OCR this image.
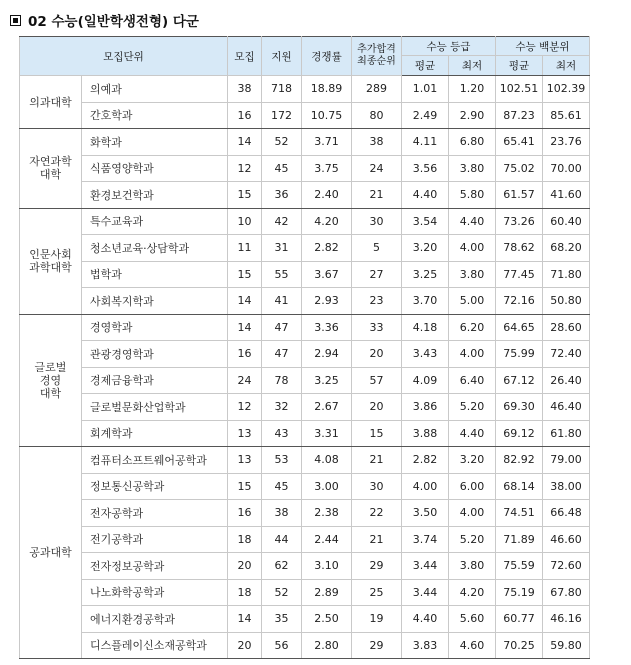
02 수능(일반학생전형) 다군
모집단위		모집	지원	경쟁률	추가합격
최종순위	수능 등급		수능 백분위	
						평균	최저	평균	최저
의과대학	의예과	38	718	18.89	289	1.01	1.20	102.51	102.39
	간호학과	16	172	10.75	80	2.49	2.90	87.23	85.61
자연과학
대학	화학과	14	52	3.71	38	4.11	6.80	65.41	23.76
	식품영양학과	12	45	3.75	24	3.56	3.80	75.02	70.00
	환경보건학과	15	36	2.40	21	4.40	5.80	61.57	41.60
인문사회
과학대학	특수교육과	10	42	4.20	30	3.54	4.40	73.26	60.40
	청소년교육·상담학과	11	31	2.82	5	3.20	4.00	78.62	68.20
	법학과	15	55	3.67	27	3.25	3.80	77.45	71.80
	사회복지학과	14	41	2.93	23	3.70	5.00	72.16	50.80
글로벌
경영
대학	경영학과	14	47	3.36	33	4.18	6.20	64.65	28.60
	관광경영학과	16	47	2.94	20	3.43	4.00	75.99	72.40
	경제금융학과	24	78	3.25	57	4.09	6.40	67.12	26.40
	글로벌문화산업학과	12	32	2.67	20	3.86	5.20	69.30	46.40
	회계학과	13	43	3.31	15	3.88	4.40	69.12	61.80
공과대학	컴퓨터소프트웨어공학과	13	53	4.08	21	2.82	3.20	82.92	79.00
	정보통신공학과	15	45	3.00	30	4.00	6.00	68.14	38.00
	전자공학과	16	38	2.38	22	3.50	4.00	74.51	66.48
	전기공학과	18	44	2.44	21	3.74	5.20	71.89	46.60
	전자정보공학과	20	62	3.10	29	3.44	3.80	75.59	72.60
	나노화학공학과	18	52	2.89	25	3.44	4.20	75.19	67.80
	에너지환경공학과	14	35	2.50	19	4.40	5.60	60.77	46.16
	디스플레이신소재공학과	20	56	2.80	29	3.83	4.60	70.25	59.80
